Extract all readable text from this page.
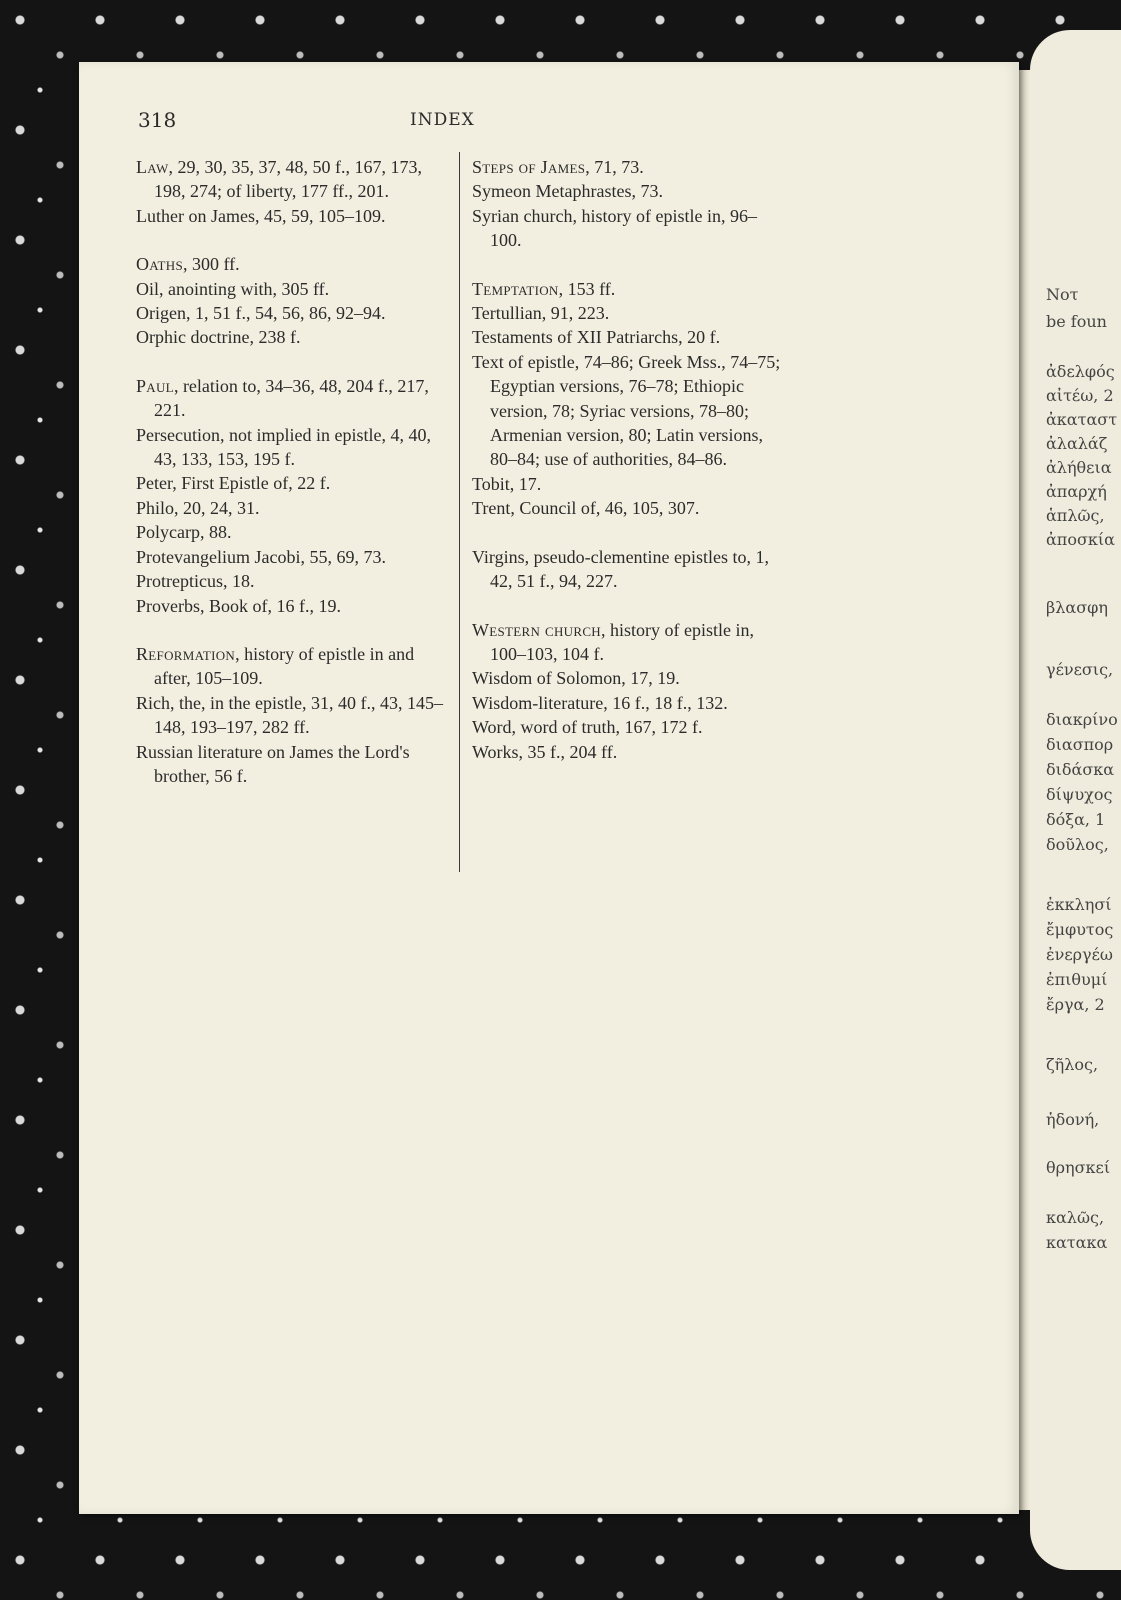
Nоτ
be foun
ἀδελφός
αἰτέω, 2
ἀκαταστ
ἀλαλάζ
ἀλήθεια
ἀπαρχή
ἁπλῶς,
ἀποσκία
βλασφη
γένεσις,
διακρίνο
διασπορ
διδάσκα
δίψυχος
δόξα, 1
δοῦλος,
ἐκκλησί
ἔμφυτος
ἐνεργέω
ἐπιθυμί
ἔργα, 2
ζῆλος,
ἡδονή,
θρησκεί
καλῶς,
κατακα
318	INDEX
Law, 29, 30, 35, 37, 48, 50 f., 167, 173, 198, 274; of liberty, 177 ff., 201.
Luther on James, 45, 59, 105–109.
Oaths, 300 ff.
Oil, anointing with, 305 ff.
Origen, 1, 51 f., 54, 56, 86, 92–94.
Orphic doctrine, 238 f.
Paul, relation to, 34–36, 48, 204 f., 217, 221.
Persecution, not implied in epistle, 4, 40, 43, 133, 153, 195 f.
Peter, First Epistle of, 22 f.
Philo, 20, 24, 31.
Polycarp, 88.
Protevangelium Jacobi, 55, 69, 73.
Protrepticus, 18.
Proverbs, Book of, 16 f., 19.
Reformation, history of epistle in and after, 105–109.
Rich, the, in the epistle, 31, 40 f., 43, 145–148, 193–197, 282 ff.
Russian literature on James the Lord's brother, 56 f.
Steps of James, 71, 73.
Symeon Metaphrastes, 73.
Syrian church, history of epistle in, 96–100.
Temptation, 153 ff.
Tertullian, 91, 223.
Testaments of XII Patriarchs, 20 f.
Text of epistle, 74–86; Greek Mss., 74–75; Egyptian versions, 76–78; Ethiopic version, 78; Syriac versions, 78–80; Armenian version, 80; Latin versions, 80–84; use of authorities, 84–86.
Tobit, 17.
Trent, Council of, 46, 105, 307.
Virgins, pseudo-clementine epistles to, 1, 42, 51 f., 94, 227.
Western church, history of epistle in, 100–103, 104 f.
Wisdom of Solomon, 17, 19.
Wisdom-literature, 16 f., 18 f., 132.
Word, word of truth, 167, 172 f.
Works, 35 f., 204 ff.
